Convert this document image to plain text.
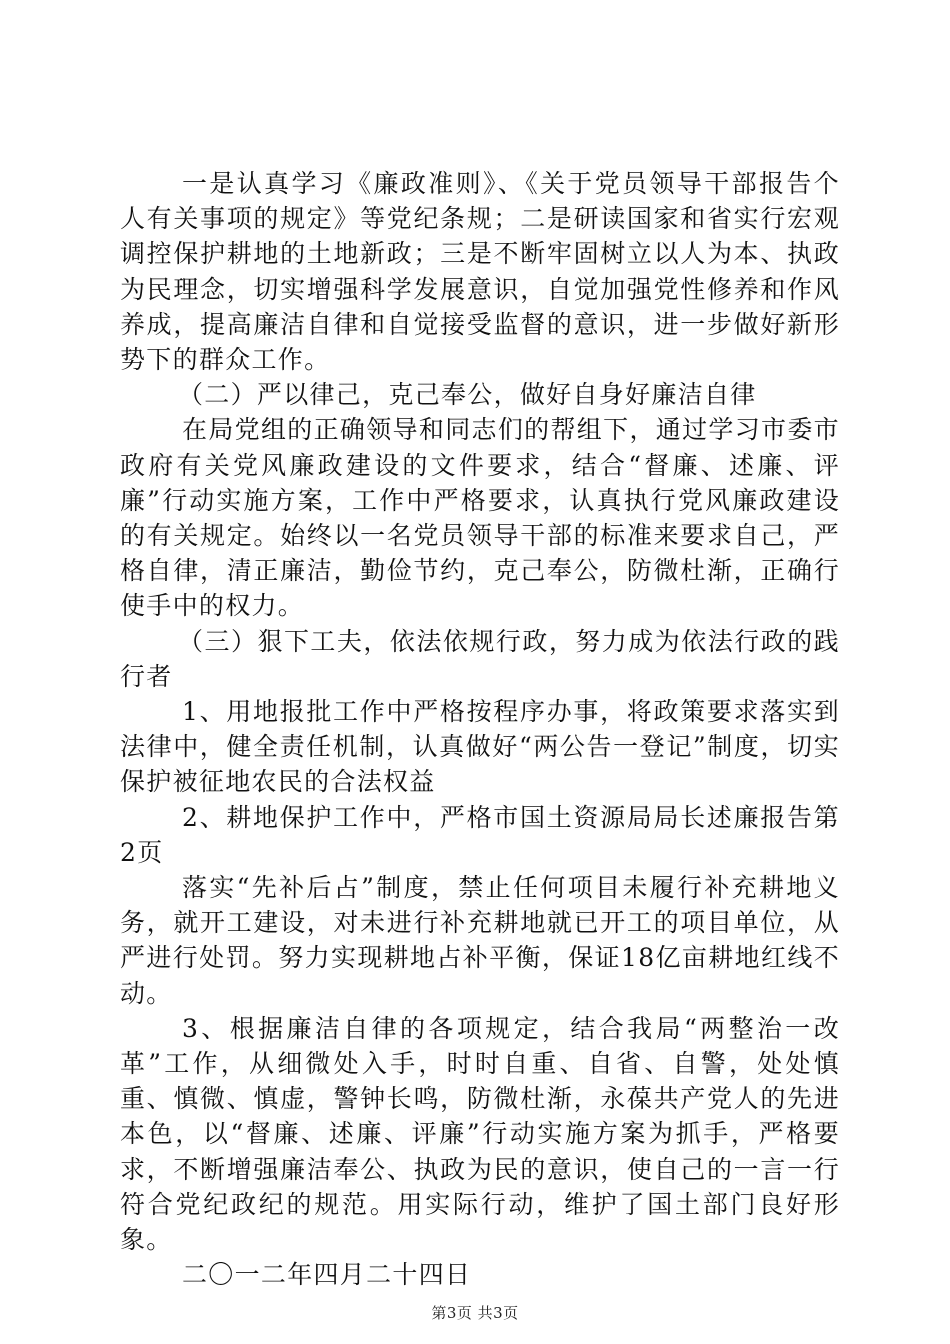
一是认真学习《廉政准则》、《关于党员领导干部报告个人有关事项的规定》等党纪条规；二是研读国家和省实行宏观调控保护耕地的土地新政；三是不断牢固树立以人为本、执政为民理念，切实增强科学发展意识，自觉加强党性修养和作风养成，提高廉洁自律和自觉接受监督的意识，进一步做好新形势下的群众工作。

（二）严以律己，克己奉公，做好自身好廉洁自律

在局党组的正确领导和同志们的帮组下，通过学习市委市政府有关党风廉政建设的文件要求，结合“督廉、述廉、评廉”行动实施方案，工作中严格要求，认真执行党风廉政建设的有关规定。始终以一名党员领导干部的标准来要求自己，严格自律，清正廉洁，勤俭节约，克己奉公，防微杜渐，正确行使手中的权力。

（三）狠下工夫，依法依规行政，努力成为依法行政的践行者

1、用地报批工作中严格按程序办事，将政策要求落实到法律中，健全责任机制，认真做好“两公告一登记”制度，切实保护被征地农民的合法权益

2、耕地保护工作中，严格市国土资源局局长述廉报告第2页

落实“先补后占”制度，禁止任何项目未履行补充耕地义务，就开工建设，对未进行补充耕地就已开工的项目单位，从严进行处罚。努力实现耕地占补平衡，保证18亿亩耕地红线不动。

3、根据廉洁自律的各项规定，结合我局“两整治一改革”工作，从细微处入手，时时自重、自省、自警，处处慎重、慎微、慎虚，警钟长鸣，防微杜渐，永葆共产党人的先进本色，以“督廉、述廉、评廉”行动实施方案为抓手，严格要求，不断增强廉洁奉公、执政为民的意识，使自己的一言一行符合党纪政纪的规范。用实际行动，维护了国土部门良好形象。

二〇一二年四月二十四日

第3页 共3页
